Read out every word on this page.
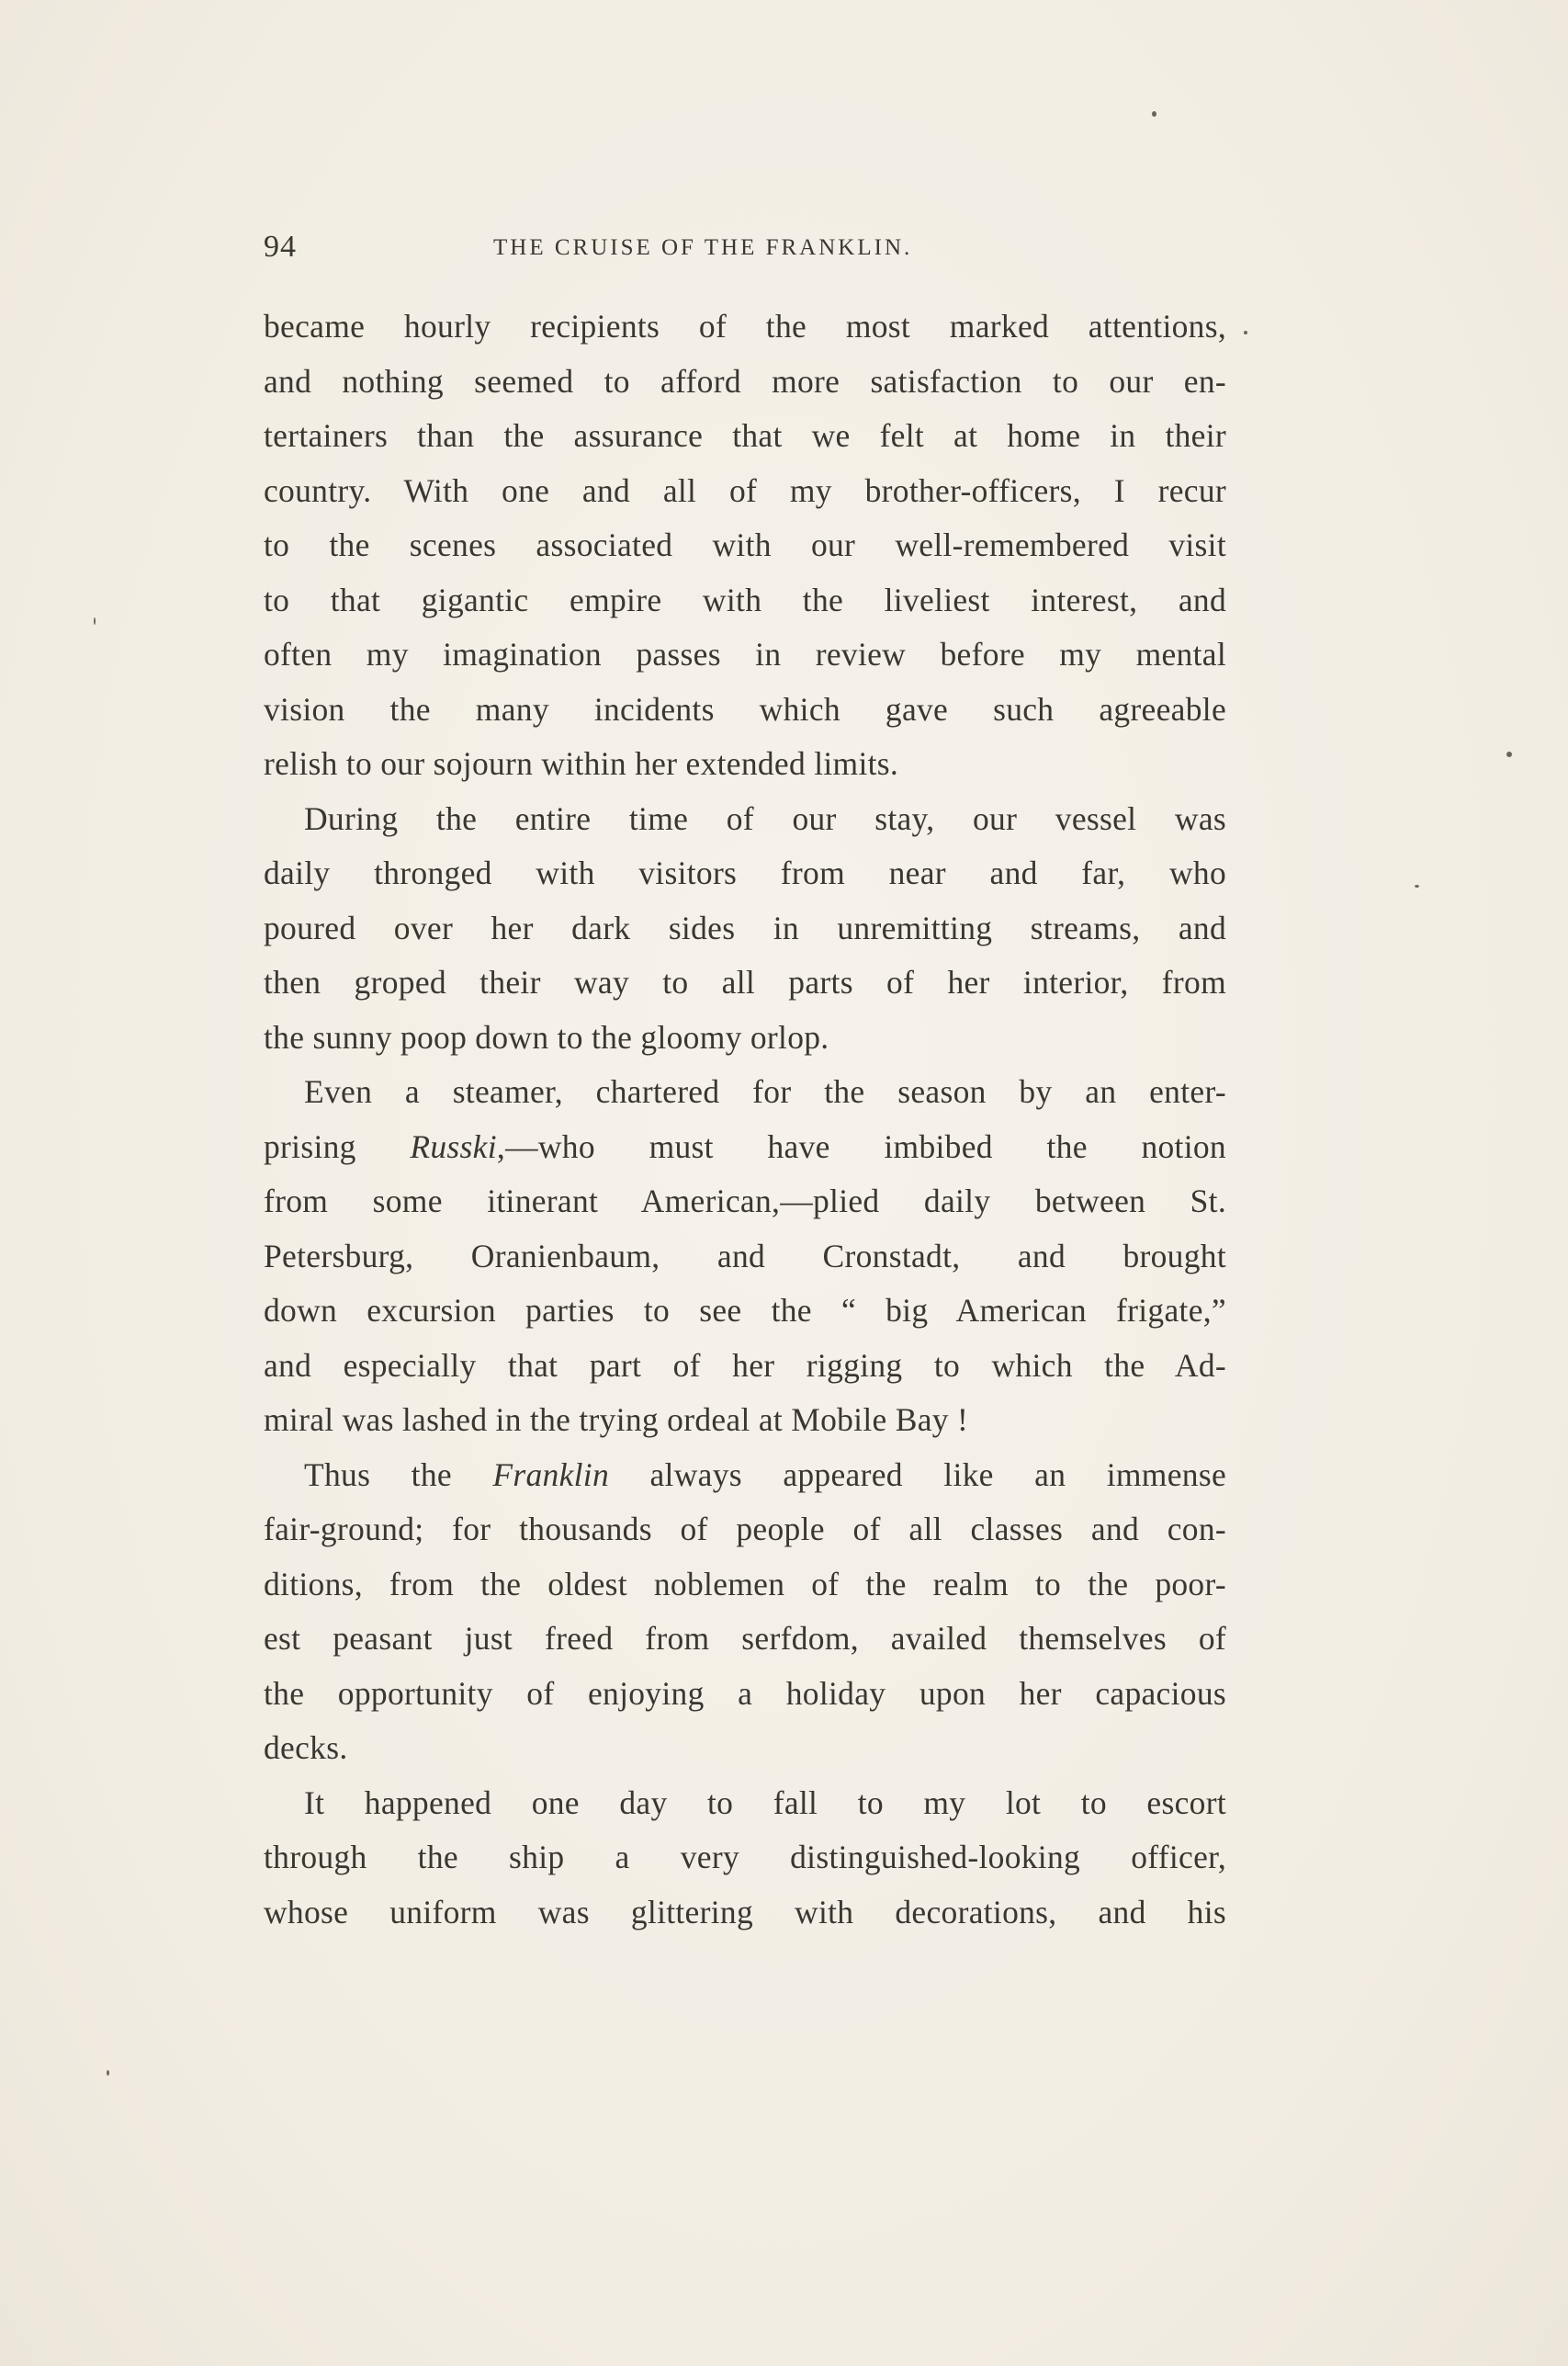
94	THE CRUISE OF THE FRANKLIN.
became hourly recipients of the most marked attentions,
and nothing seemed to afford more satisfaction to our en-
tertainers than the assurance that we felt at home in their
country. With one and all of my brother-officers, I recur
to the scenes associated with our well-remembered visit
to that gigantic empire with the liveliest interest, and
often my imagination passes in review before my mental
vision the many incidents which gave such agreeable
relish to our sojourn within her extended limits.
During the entire time of our stay, our vessel was
daily thronged with visitors from near and far, who
poured over her dark sides in unremitting streams, and
then groped their way to all parts of her interior, from
the sunny poop down to the gloomy orlop.
Even a steamer, chartered for the season by an enter-
prising Russki,—who must have imbibed the notion
from some itinerant American,—plied daily between St.
Petersburg, Oranienbaum, and Cronstadt, and brought
down excursion parties to see the “ big American frigate,”
and especially that part of her rigging to which the Ad-
miral was lashed in the trying ordeal at Mobile Bay !
Thus the Franklin always appeared like an immense
fair-ground; for thousands of people of all classes and con-
ditions, from the oldest noblemen of the realm to the poor-
est peasant just freed from serfdom, availed themselves of
the opportunity of enjoying a holiday upon her capacious
decks.
It happened one day to fall to my lot to escort
through the ship a very distinguished-looking officer,
whose uniform was glittering with decorations, and his
